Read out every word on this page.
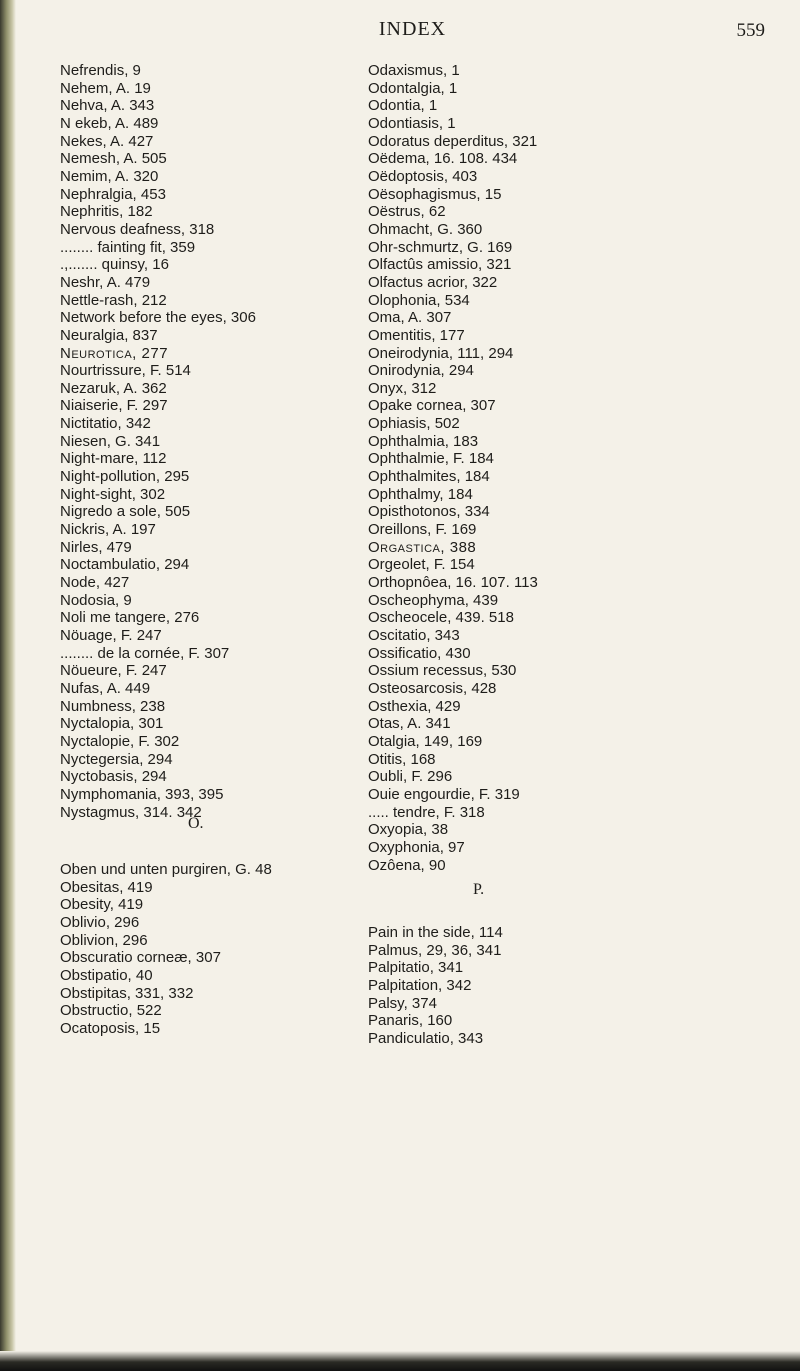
INDEX	559
Nefrendis, 9
Nehem, A. 19
Nehva, A. 343
N ekeb, A. 489
Nekes, A. 427
Nemesh, A. 505
Nemim, A. 320
Nephralgia, 453
Nephritis, 182
Nervous deafness, 318
........ fainting fit, 359
.,....... quinsy, 16
Neshr, A. 479
Nettle-rash, 212
Network before the eyes, 306
Neuralgia, 837
Neurotica, 277
Nourtrissure, F. 514
Nezaruk, A. 362
Niaiserie, F. 297
Nictitatio, 342
Niesen, G. 341
Night-mare, 112
Night-pollution, 295
Night-sight, 302
Nigredo a sole, 505
Nickris, A. 197
Nirles, 479
Noctambulatio, 294
Node, 427
Nodosia, 9
Noli me tangere, 276
Nöuage, F. 247
........ de la cornée, F. 307
Nöueure, F. 247
Nufas, A. 449
Numbness, 238
Nyctalopia, 301
Nyctalopie, F. 302
Nyctegersia, 294
Nyctobasis, 294
Nymphomania, 393, 395
Nystagmus, 314. 342
Odaxismus, 1
Odontalgia, 1
Odontia, 1
Odontiasis, 1
Odoratus deperditus, 321
Oëdema, 16. 108. 434
Oëdoptosis, 403
Oësophagismus, 15
Oëstrus, 62
Ohmacht, G. 360
Ohr-schmurtz, G. 169
Olfactûs amissio, 321
Olfactus acrior, 322
Olophonia, 534
Oma, A. 307
Omentitis, 177
Oneirodynia, 111, 294
Onirodynia, 294
Onyx, 312
Opake cornea, 307
Ophiasis, 502
Ophthalmia, 183
Ophthalmie, F. 184
Ophthalmites, 184
Ophthalmy, 184
Opisthotonos, 334
Oreillons, F. 169
Orgastica, 388
Orgeolet, F. 154
Orthopnôea, 16. 107. 113
Oscheophyma, 439
Oscheocele, 439. 518
Oscitatio, 343
Ossificatio, 430
Ossium recessus, 530
Osteosarcosis, 428
Osthexia, 429
Otas, A. 341
Otalgia, 149, 169
Otitis, 168
Oubli, F. 296
Ouie engourdie, F. 319
..... tendre, F. 318
Oxyopia, 38
Oxyphonia, 97
Ozôena, 90
O.
Oben und unten purgiren, G. 48
Obesitas, 419
Obesity, 419
Oblivio, 296
Oblivion, 296
Obscuratio corneæ, 307
Obstipatio, 40
Obstipitas, 331, 332
Obstructio, 522
Ocatoposis, 15
P.
Pain in the side, 114
Palmus, 29, 36, 341
Palpitatio, 341
Palpitation, 342
Palsy, 374
Panaris, 160
Pandiculatio, 343
